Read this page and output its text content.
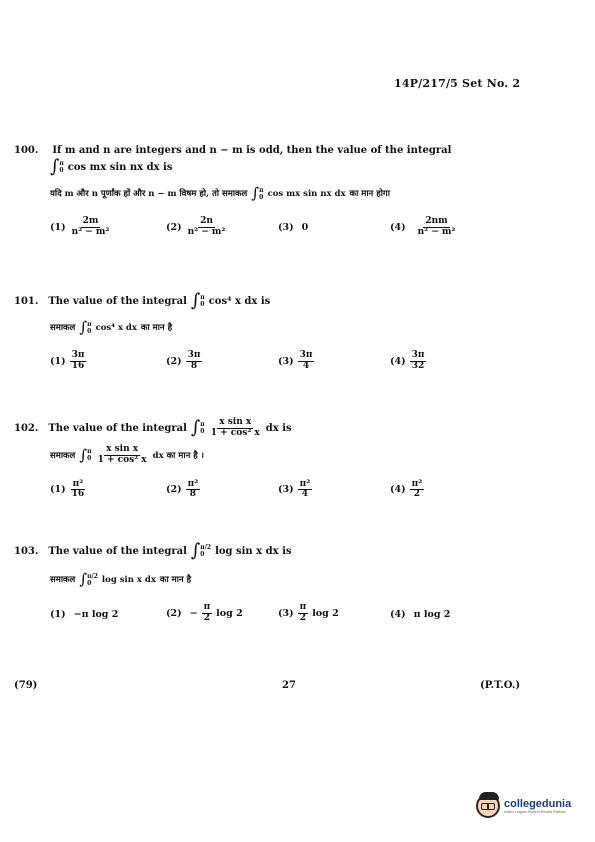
14P/217/5 Set No. 2
100. If m and n are integers and n − m is odd, then the value of the integral
∫ π
0 cos mx sin nx dx is
यदि m और n पूर्णांक हों और n − m विषम हो, तो समाकल ∫ π
0 cos mx sin nx dx का मान होगा
$(1) \frac{2m}{\text{n² − m²}}$	$(2) \frac{2n}{\text{n² − m²}}$	(3) 0	$(4) \frac{2nm}{\text{n² − m²}}$
101. The value of the integral ∫ π
0 cos⁴ x dx is
समाकल ∫ π
0 cos⁴ x dx का मान है
$(1) \frac{3\pi}{16}$	$(2) \frac{3\pi}{8}$	$(3) \frac{3\pi}{4}$	$(4) \frac{3\pi}{32}$
102. The value of the integral ∫ π
$0 \frac{\text{x sin x}}{\text{1 + cos² x}}$ dx is
समाकल ∫ π
$0 \frac{\text{x sin x}}{\text{1 + cos² x}}$ dx का मान है ।
$(1) \frac{\text{π²}}{16}$	$(2) \frac{\text{π²}}{8}$	$(3) \frac{\text{π²}}{4}$	$(4) \frac{\text{π²}}{2}$
103. The value of the integral ∫ π/2
0	log sin x dx is
समाकल ∫ π/2
0	log sin x dx का मान है
(1) −π log 2	$(2) - \frac{\pi}{2}$ log 2	$(3) \frac{\pi}{2}$ log 2	(4) π log 2
(79)	27	(P.T.O.)
collegedunia
India's Largest Student Review Platform
